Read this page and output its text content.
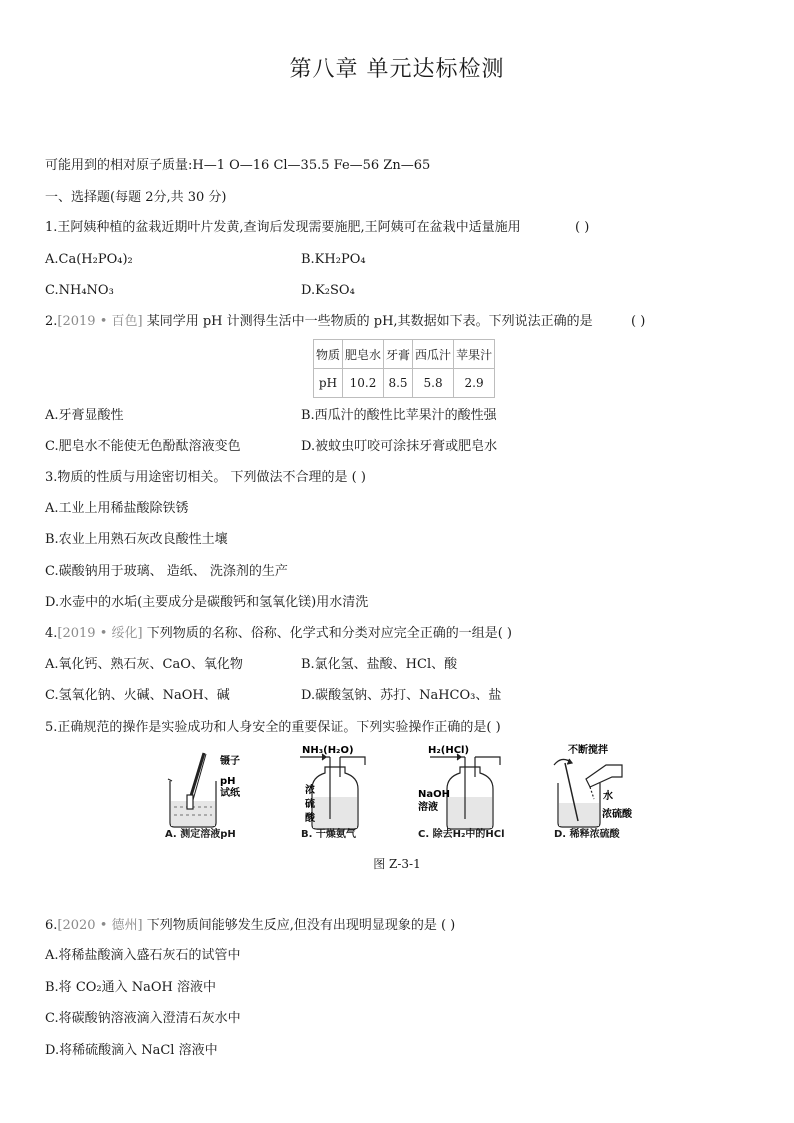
第八章 单元达标检测
可能用到的相对原子质量:H—1 O—16 Cl—35.5 Fe—56 Zn—65
一、选择题(每题 2分,共 30 分)
1.王阿姨种植的盆栽近期叶片发黄,查询后发现需要施肥,王阿姨可在盆栽中适量施用	( )
A.Ca(H₂PO₄)₂	B.KH₂PO₄
C.NH₄NO₃	D.K₂SO₄
2.[2019 • 百色] 某同学用 pH 计测得生活中一些物质的 pH,其数据如下表。下列说法正确的是	( )
物质	肥皂水	牙膏	西瓜汁	苹果汁
pH	10.2	8.5	5.8	2.9
A.牙膏显酸性	B.西瓜汁的酸性比苹果汁的酸性强
C.肥皂水不能使无色酚酞溶液变色	D.被蚊虫叮咬可涂抹牙膏或肥皂水
3.物质的性质与用途密切相关。 下列做法不合理的是 ( )
A.工业上用稀盐酸除铁锈
B.农业上用熟石灰改良酸性土壤
C.碳酸钠用于玻璃、 造纸、 洗涤剂的生产
D.水壶中的水垢(主要成分是碳酸钙和氢氧化镁)用水清洗
4.[2019 • 绥化] 下列物质的名称、俗称、化学式和分类对应完全正确的一组是( )
A.氧化钙、熟石灰、CaO、氧化物	B.氯化氢、盐酸、HCl、酸
C.氢氧化钠、火碱、NaOH、碱	D.碳酸氢钠、苏打、NaHCO₃、盐
5.正确规范的操作是实验成功和人身安全的重要保证。下列实验操作正确的是( )
镊子
pH 试纸
NH₃(H₂O)
浓 硫 酸
H₂(HCl)
NaOH 溶液
不断搅拌
水
浓硫酸
A. 测定溶液pH	B. 干燥氨气	C. 除去H₂中的HCl	D. 稀释浓硫酸
图 Z-3-1
6.[2020 • 德州] 下列物质间能够发生反应,但没有出现明显现象的是 ( )
A.将稀盐酸滴入盛石灰石的试管中
B.将 CO₂通入 NaOH 溶液中
C.将碳酸钠溶液滴入澄清石灰水中
D.将稀硫酸滴入 NaCl 溶液中
